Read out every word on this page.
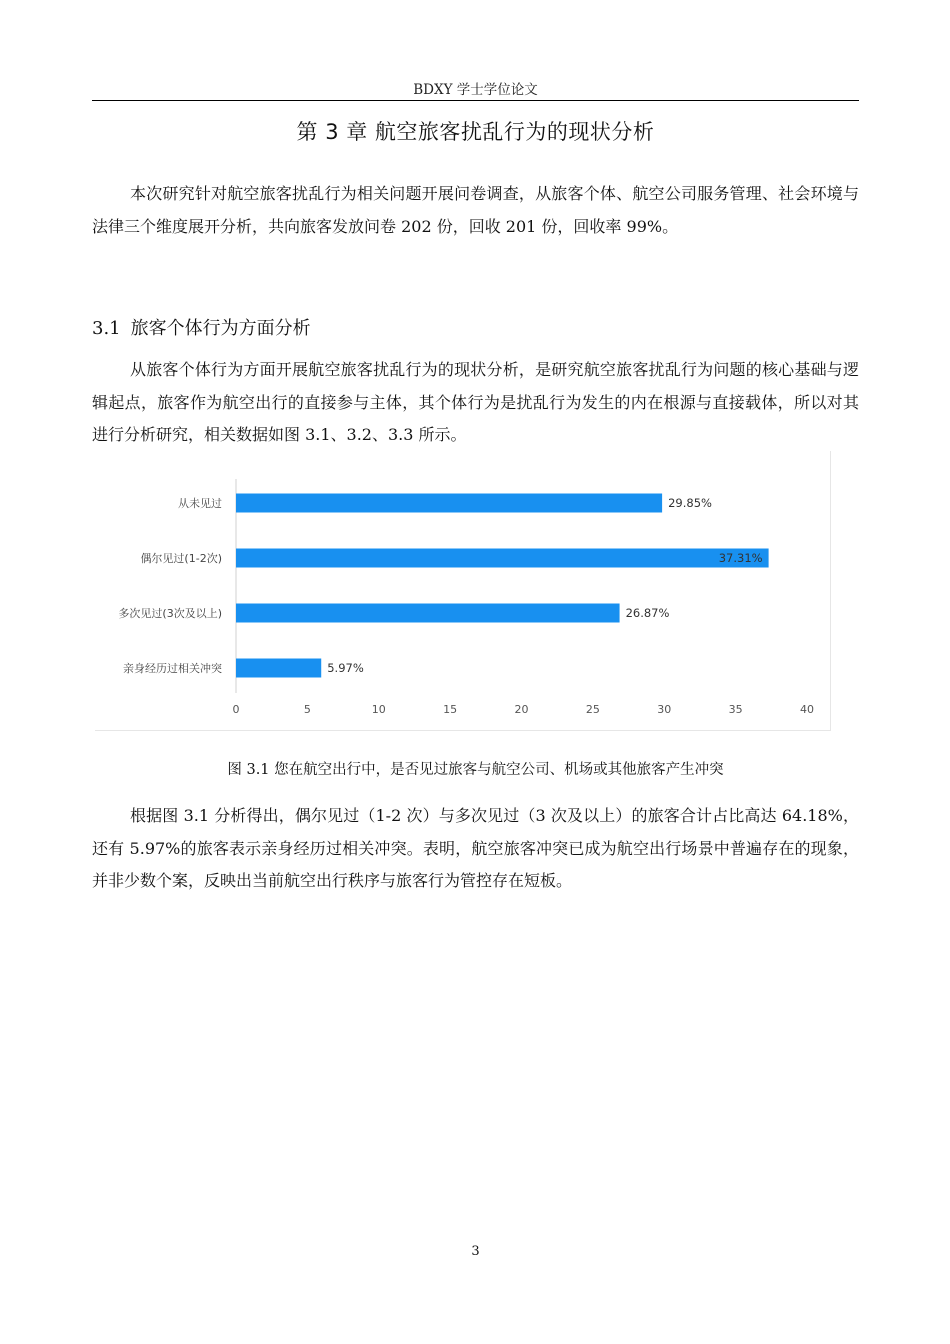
BDXY 学士学位论文
第 3 章 航空旅客扰乱行为的现状分析

本次研究针对航空旅客扰乱行为相关问题开展问卷调查，从旅客个体、航空公司服务管理、社会环境与法律三个维度展开分析，共向旅客发放问卷 202 份，回收 201 份，回收率 99%。

3.1 旅客个体行为方面分析

从旅客个体行为方面开展航空旅客扰乱行为的现状分析，是研究航空旅客扰乱行为问题的核心基础与逻辑起点，旅客作为航空出行的直接参与主体，其个体行为是扰乱行为发生的内在根源与直接载体，所以对其进行分析研究，相关数据如图 3.1、3.2、3.3 所示。

0	5	10	15	20	25	30	35	40
从未见过	29.85%
偶尔见过(1-2次)	37.31%
多次见过(3次及以上)	26.87%
亲身经历过相关冲突	5.97%
图 3.1 您在航空出行中，是否见过旅客与航空公司、机场或其他旅客产生冲突

根据图 3.1 分析得出，偶尔见过（1-2 次）与多次见过（3 次及以上）的旅客合计占比高达 64.18%，还有 5.97%的旅客表示亲身经历过相关冲突。表明，航空旅客冲突已成为航空出行场景中普遍存在的现象，并非少数个案，反映出当前航空出行秩序与旅客行为管控存在短板。

3
